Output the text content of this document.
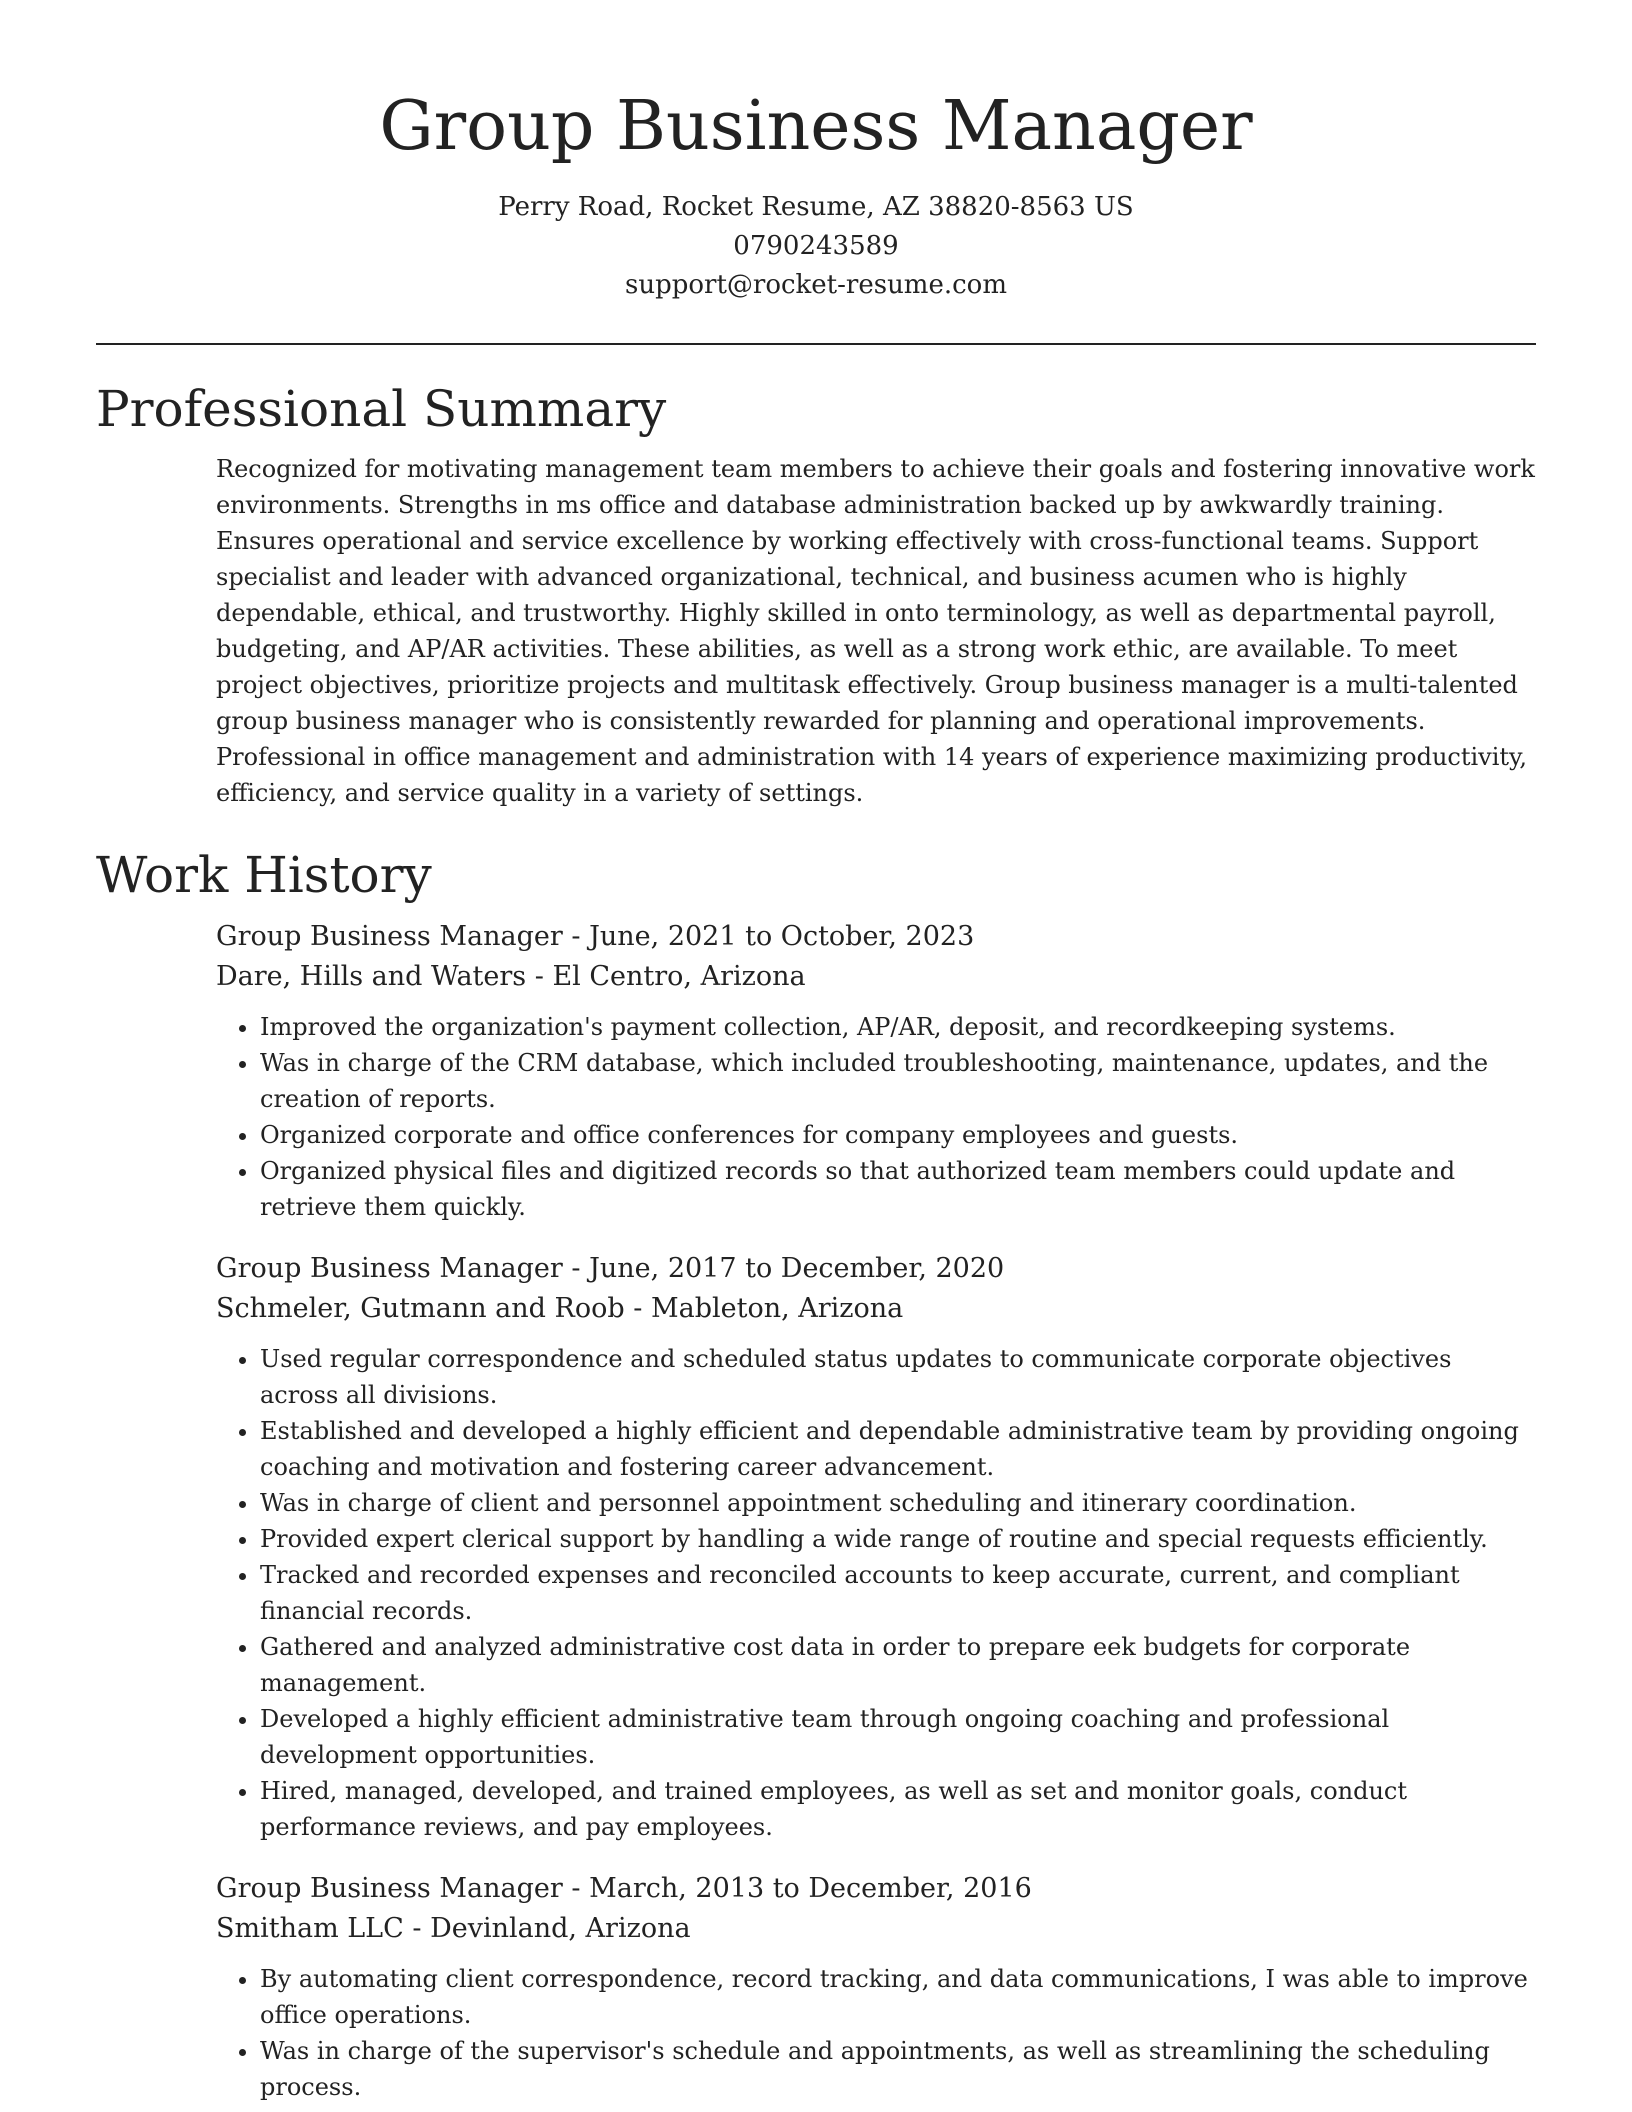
Group Business Manager
Perry Road, Rocket Resume, AZ 38820-8563 US
0790243589
support@rocket-resume.com
Professional Summary

Recognized for motivating management team members to achieve their goals and fostering innovative work environments. Strengths in ms office and database administration backed up by awkwardly training. Ensures operational and service excellence by working effectively with cross-functional teams. Support specialist and leader with advanced organizational, technical, and business acumen who is highly dependable, ethical, and trustworthy. Highly skilled in onto terminology, as well as departmental payroll, budgeting, and AP/AR activities. These abilities, as well as a strong work ethic, are available. To meet project objectives, prioritize projects and multitask effectively. Group business manager is a multi-talented group business manager who is consistently rewarded for planning and operational improvements. Professional in office management and administration with 14 years of experience maximizing productivity, efficiency, and service quality in a variety of settings.

Work History
Group Business Manager - June, 2021 to October, 2023
Dare, Hills and Waters - El Centro, Arizona
• Improved the organization's payment collection, AP/AR, deposit, and recordkeeping systems.
• Was in charge of the CRM database, which included troubleshooting, maintenance, updates, and the creation of reports.
• Organized corporate and office conferences for company employees and guests.
• Organized physical files and digitized records so that authorized team members could update and retrieve them quickly.
Group Business Manager - June, 2017 to December, 2020
Schmeler, Gutmann and Roob - Mableton, Arizona
• Used regular correspondence and scheduled status updates to communicate corporate objectives across all divisions.
• Established and developed a highly efficient and dependable administrative team by providing ongoing coaching and motivation and fostering career advancement.
• Was in charge of client and personnel appointment scheduling and itinerary coordination.
• Provided expert clerical support by handling a wide range of routine and special requests efficiently.
• Tracked and recorded expenses and reconciled accounts to keep accurate, current, and compliant financial records.
• Gathered and analyzed administrative cost data in order to prepare eek budgets for corporate management.
• Developed a highly efficient administrative team through ongoing coaching and professional development opportunities.
• Hired, managed, developed, and trained employees, as well as set and monitor goals, conduct performance reviews, and pay employees.
Group Business Manager - March, 2013 to December, 2016
Smitham LLC - Devinland, Arizona
• By automating client correspondence, record tracking, and data communications, I was able to improve office operations.
• Was in charge of the supervisor's schedule and appointments, as well as streamlining the scheduling process.
